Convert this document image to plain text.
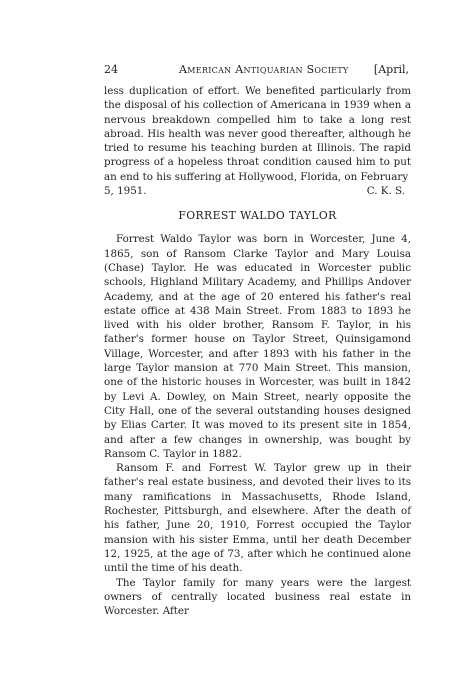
24	American Antiquarian Society [April,

less duplication of effort. We benefited particularly from the disposal of his collection of Americana in 1939 when a nervous breakdown compelled him to take a long rest abroad. His health was never good thereafter, although he tried to resume his teaching burden at Illinois. The rapid progress of a hopeless throat condition caused him to put an end to his suffering at Hollywood, Florida, on February

5, 1951.	C. K. S.
FORREST WALDO TAYLOR

Forrest Waldo Taylor was born in Worcester, June 4, 1865, son of Ransom Clarke Taylor and Mary Louisa (Chase) Taylor. He was educated in Worcester public schools, Highland Military Academy, and Phillips Andover Academy, and at the age of 20 entered his father's real estate office at 438 Main Street. From 1883 to 1893 he lived with his older brother, Ransom F. Taylor, in his father's former house on Taylor Street, Quinsigamond Village, Worcester, and after 1893 with his father in the large Taylor mansion at 770 Main Street. This mansion, one of the historic houses in Worcester, was built in 1842 by Levi A. Dowley, on Main Street, nearly opposite the City Hall, one of the several outstanding houses designed by Elias Carter. It was moved to its present site in 1854, and after a few changes in ownership, was bought by Ransom C. Taylor in 1882.

Ransom F. and Forrest W. Taylor grew up in their father's real estate business, and devoted their lives to its many ramifications in Massachusetts, Rhode Island, Rochester, Pittsburgh, and elsewhere. After the death of his father, June 20, 1910, Forrest occupied the Taylor mansion with his sister Emma, until her death December 12, 1925, at the age of 73, after which he continued alone until the time of his death.

The Taylor family for many years were the largest owners of centrally located business real estate in Worcester. After
